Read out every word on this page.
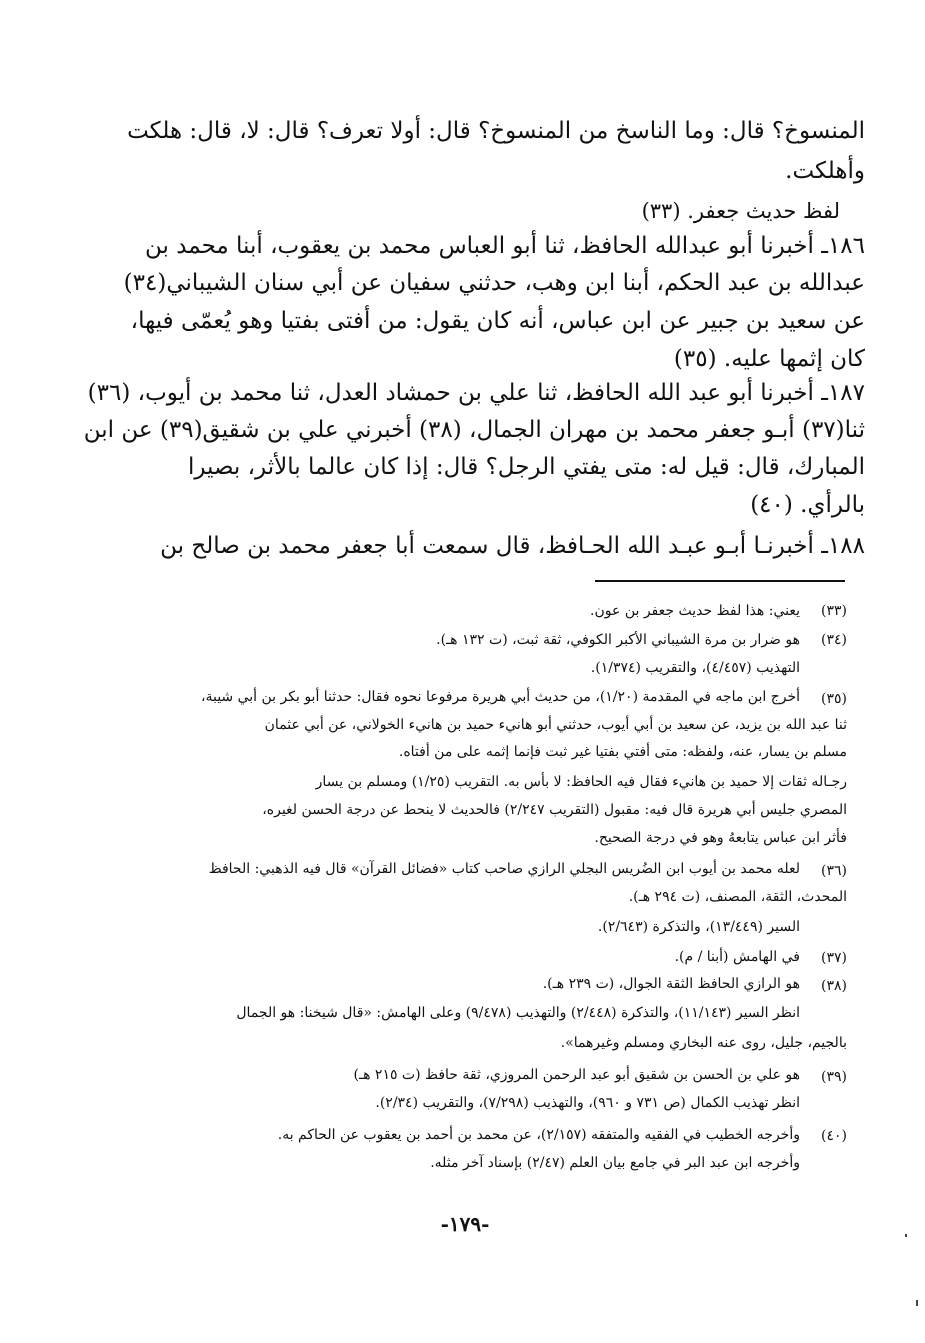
المنسوخ؟ قال: وما الناسخ من المنسوخ؟ قال: أولا تعرف؟ قال: لا، قال: هلكت
وأهلكت.
لفظ حديث جعفر. (٣٣)
١٨٦ـ أخبرنا أبو عبدالله الحافظ، ثنا أبو العباس محمد بن يعقوب، أبنا محمد بن
عبدالله بن عبد الحكم، أبنا ابن وهب، حدثني سفيان عن أبي سنان الشيباني(٣٤)
عن سعيد بن جبير عن ابن عباس، أنه كان يقول: من أفتى بفتيا وهو يُعمّى فيها،
كان إثمها عليه. (٣٥)
١٨٧ـ أخبرنا أبو عبد الله الحافظ، ثنا علي بن حمشاد العدل، ثنا محمد بن أيوب، (٣٦)
ثنا(٣٧) أبـو جعفر محمد بن مهران الجمال، (٣٨) أخبرني علي بن شقيق(٣٩) عن ابن
المبارك، قال: قيل له: متى يفتي الرجل؟ قال: إذا كان عالما بالأثر، بصيرا
بالرأي. (٤٠)
١٨٨ـ أخبرنـا أبـو عبـد الله الحـافظ، قال سمعت أبا جعفر محمد بن صالح بن
(٣٣)
يعني: هذا لفظ حديث جعفر بن عون.
(٣٤)
هو ضرار بن مرة الشيباني الأكبر الكوفي، ثقة ثبت، (ت ١٣٢ هـ).
التهذيب (٤/٤٥٧)، والتقريب (١/٣٧٤).
(٣٥)
أخرج ابن ماجه في المقدمة (١/٢٠)، من حديث أبي هريرة مرفوعا نحوه فقال: حدثنا أبو بكر بن أبي شيبة،
ثنا عبد الله بن يزيد، عن سعيد بن أبي أيوب، حدثني أبو هانيء حميد بن هانيء الخولاني، عن أبي عثمان
مسلم بن يسار، عنه، ولفظه: متى أفتي بفتيا غير ثبت فإنما إثمه على من أفتاه.
رجـاله ثقات إلا حميد بن هانيء فقال فيه الحافظ: لا بأس به. التقريب (١/٢٥) ومسلم بن يسار
المصري جليس أبي هريرة قال فيه: مقبول (التقريب ٢/٢٤٧) فالحديث لا ينحط عن درجة الحسن لغيره،
فأثر ابن عباس يتابعهُ وهو في درجة الصحيح.
(٣٦)
لعله محمد بن أيوب ابن الضُريس البجلي الرازي صاحب كتاب «فضائل القرآن» قال فيه الذهبي: الحافظ
المحدث، الثقة، المصنف، (ت ٢٩٤ هـ).
السير (١٣/٤٤٩)، والتذكرة (٢/٦٤٣).
(٣٧)
في الهامش (أبنا / م).
(٣٨)
هو الرازي الحافظ الثقة الجوال، (ت ٢٣٩ هـ).
انظر السير (١١/١٤٣)، والتذكرة (٢/٤٤٨) والتهذيب (٩/٤٧٨) وعلى الهامش: «قال شيخنا: هو الجمال
بالجيم، جليل، روى عنه البخاري ومسلم وغيرهما».
(٣٩)
هو علي بن الحسن بن شقيق أبو عبد الرحمن المروزي، ثقة حافظ (ت ٢١٥ هـ)
انظر تهذيب الكمال (ص ٧٣١ و ٩٦٠)، والتهذيب (٧/٢٩٨)، والتقريب (٢/٣٤).
(٤٠)
وأخرجه الخطيب في الفقيه والمتفقه (٢/١٥٧)، عن محمد بن أحمد بن يعقوب عن الحاكم به.
وأخرجه ابن عبد البر في جامع بيان العلم (٢/٤٧) بإسناد آخر مثله.
-١٧٩-
